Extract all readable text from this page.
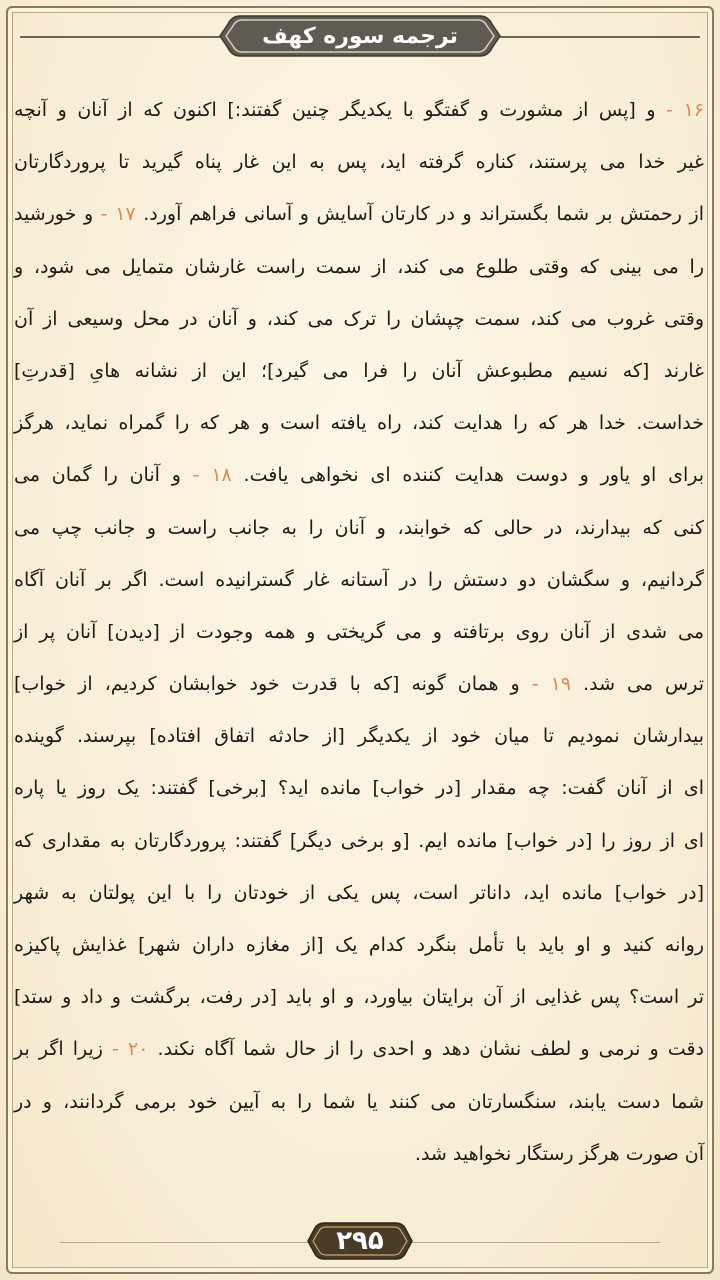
ترجمه سوره کهف
۱۶ - و [پس از مشورت و گفتگو با یکدیگر چنین گفتند:] اکنون که از آنان و آنچه
غیر خدا می پرستند، کناره گرفته اید، پس به این غار پناه گیرید تا پروردگارتان
از رحمتش بر شما بگستراند و در کارتان آسایش و آسانی فراهم آورد. ۱۷ - و خورشید
را می بینی که وقتی طلوع می کند، از سمت راست غارشان متمایل می شود، و
وقتی غروب می کند، سمت چپشان را ترک می کند، و آنان در محل وسیعی از آن
غارند [که نسیم مطبوعش آنان را فرا می گیرد]؛ این از نشانه هایِ [قدرتِ]
خداست. خدا هر که را هدایت کند، راه یافته است و هر که را گمراه نماید، هرگز
برای او یاور و دوست هدایت کننده ای نخواهی یافت. ۱۸ - و آنان را گمان می
کنی که بیدارند، در حالی که خوابند، و آنان را به جانب راست و جانب چپ می
گردانیم، و سگشان دو دستش را در آستانه غار گسترانیده است. اگر بر آنان آگاه
می شدی از آنان روی برتافته و می گریختی و همه وجودت از [دیدن] آنان پر از
ترس می شد. ۱۹ - و همان گونه [که با قدرت خود خوابشان کردیم، از خواب]
بیدارشان نمودیم تا میان خود از یکدیگر [از حادثه اتفاق افتاده] بپرسند. گوینده
ای از آنان گفت: چه مقدار [در خواب] مانده اید؟ [برخی] گفتند: یک روز یا پاره
ای از روز را [در خواب] مانده ایم. [و برخی دیگر] گفتند: پروردگارتان به مقداری که
[در خواب] مانده اید، داناتر است، پس یکی از خودتان را با این پولتان به شهر
روانه کنید و او باید با تأمل بنگرد کدام یک [از مغازه داران شهر] غذایش پاکیزه
تر است؟ پس غذایی از آن برایتان بیاورد، و او باید [در رفت، برگشت و داد و ستد]
دقت و نرمی و لطف نشان دهد و احدی را از حال شما آگاه نکند. ۲۰ - زیرا اگر بر
شما دست یابند، سنگسارتان می کنند یا شما را به آیین خود برمی گردانند، و در
آن صورت هرگز رستگار نخواهید شد.
۲۹۵
